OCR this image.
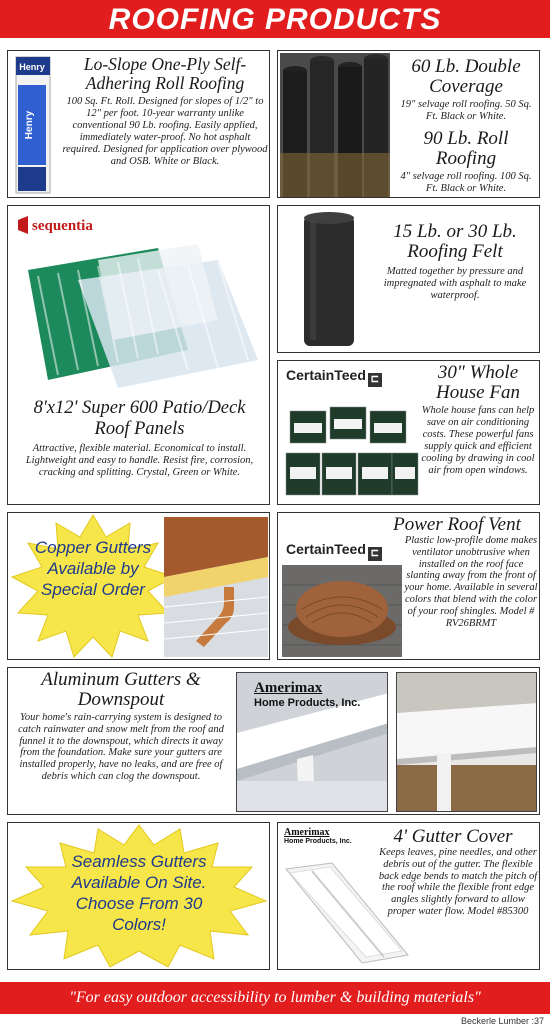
ROOFING PRODUCTS
Henry
Henry	Lo-Slope One-Ply Self-Adhering Roll Roofing
100 Sq. Ft. Roll. Designed for slopes of 1/2" to 12" per foot. 10-year warranty unlike conventional 90 Lb. roofing. Easily applied, immediately water-proof. No hot asphalt required. Designed for application over plywood and OSB. White or Black.
60 Lb. Double Coverage
19" selvage roll roofing. 50 Sq. Ft. Black or White.
90 Lb. Roll Roofing
4" selvage roll roofing. 100 Sq. Ft. Black or White.
sequentia
8'x12' Super 600 Patio/Deck Roof Panels
Attractive, flexible material. Economical to install. Lightweight and easy to handle. Resist fire, corrosion, cracking and splitting. Crystal, Green or White.
15 Lb. or 30 Lb. Roofing Felt
Matted together by pressure and impregnated with asphalt to make waterproof.
CertainTeed ⊏	30" Whole House Fan
Whole house fans can help save on air conditioning costs. These powerful fans supply quick and efficient cooling by drawing in cool air from open windows.
Copper Gutters Available by Special Order
CertainTeed ⊏
Power Roof Vent
Plastic low-profile dome makes ventilator unobtrusive when installed on the roof face slanting away from the front of your home. Available in several colors that blend with the color of your roof shingles. Model # RV26BRMT
Aluminum Gutters & Downspout
Your home's rain-carrying system is designed to catch rainwater and snow melt from the roof and funnel it to the downspout, which directs it away from the foundation. Make sure your gutters are installed properly, have no leaks, and are free of debris which can clog the downspout.
Amerimax
Home Products, Inc.
Seamless Gutters Available On Site. Choose From 30 Colors!
Amerimax
Home Products, Inc.	4' Gutter Cover
Keeps leaves, pine needles, and other debris out of the gutter. The flexible back edge bends to match the pitch of the roof while the flexible front edge angles slightly forward to allow proper water flow. Model #85300

"For easy outdoor accessibility to lumber & building materials"

Beckerle Lumber :37
